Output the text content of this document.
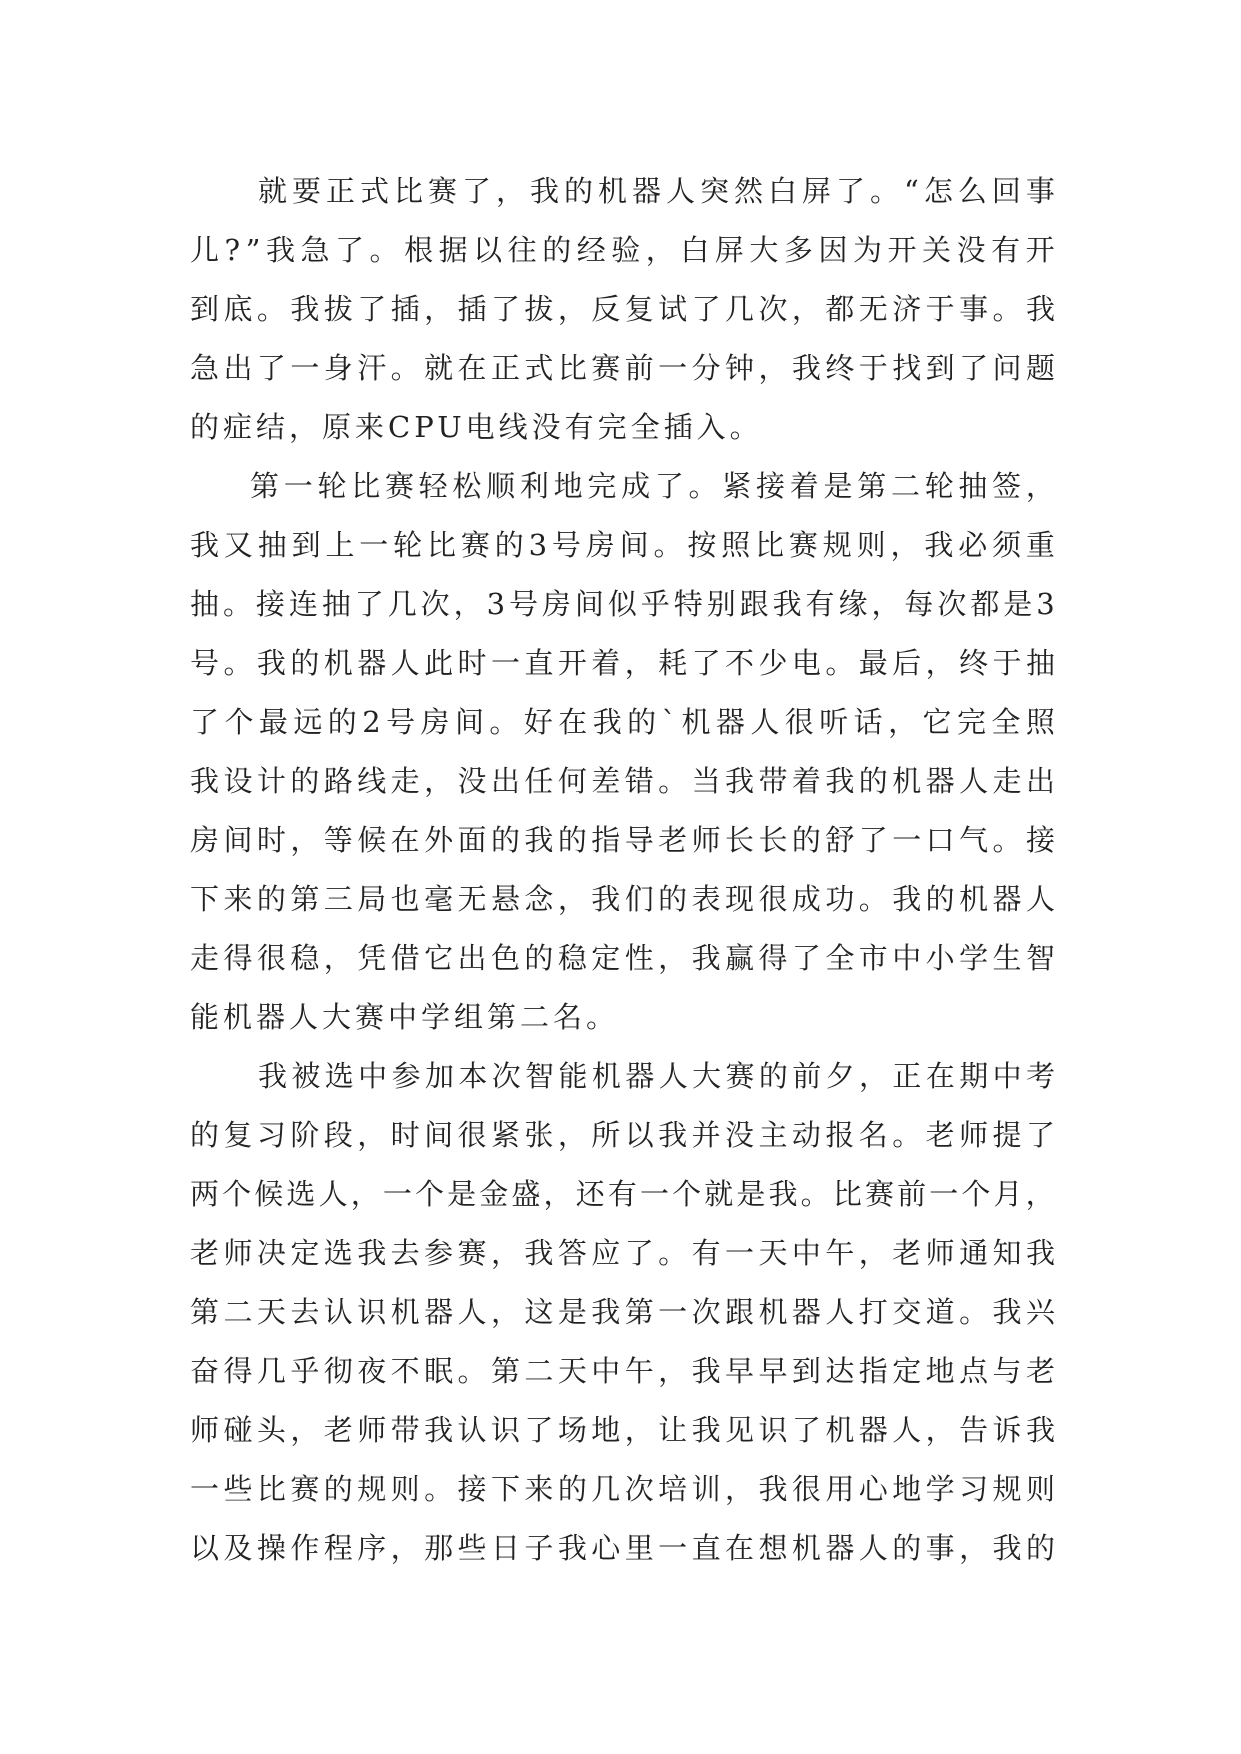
就 要 正 式 比 赛 了 ， 我 的 机 器 人 突 然 白 屏 了 。 “ 怎 么 回 事
儿 ? ” 我 急 了 。 根 据 以 往 的 经 验 ， 白 屏 大 多 因 为 开 关 没 有 开
到 底 。 我 拔 了 插 ， 插 了 拔 ， 反 复 试 了 几 次 ， 都 无 济 于 事 。 我
急 出 了 一 身 汗 。 就 在 正 式 比 赛 前 一 分 钟 ， 我 终 于 找 到 了 问 题
的症结，原来CPU电线没有完全插入。
第 一 轮 比 赛 轻 松 顺 利 地 完 成 了 。 紧 接 着 是 第 二 轮 抽 签 ，
我 又 抽 到 上 一 轮 比 赛 的 3 号 房 间 。 按 照 比 赛 规 则 ， 我 必 须 重
抽 。 接 连 抽 了 几 次 ， 3 号 房 间 似 乎 特 别 跟 我 有 缘 ， 每 次 都 是 3
号 。 我 的 机 器 人 此 时 一 直 开 着 ， 耗 了 不 少 电 。 最 后 ， 终 于 抽
了 个 最 远 的 2 号 房 间 。 好 在 我 的 ` 机 器 人 很 听 话 ， 它 完 全 照
我 设 计 的 路 线 走 ， 没 出 任 何 差 错 。 当 我 带 着 我 的 机 器 人 走 出
房 间 时 ， 等 候 在 外 面 的 我 的 指 导 老 师 长 长 的 舒 了 一 口 气 。 接
下 来 的 第 三 局 也 毫 无 悬 念 ， 我 们 的 表 现 很 成 功 。 我 的 机 器 人
走 得 很 稳 ， 凭 借 它 出 色 的 稳 定 性 ， 我 赢 得 了 全 市 中 小 学 生 智
能机器人大赛中学组第二名。
我 被 选 中 参 加 本 次 智 能 机 器 人 大 赛 的 前 夕 ， 正 在 期 中 考
的 复 习 阶 段 ， 时 间 很 紧 张 ， 所 以 我 并 没 主 动 报 名 。 老 师 提 了
两 个 候 选 人 ， 一 个 是 金 盛 ， 还 有 一 个 就 是 我 。 比 赛 前 一 个 月 ，
老 师 决 定 选 我 去 参 赛 ， 我 答 应 了 。 有 一 天 中 午 ， 老 师 通 知 我
第 二 天 去 认 识 机 器 人 ， 这 是 我 第 一 次 跟 机 器 人 打 交 道 。 我 兴
奋 得 几 乎 彻 夜 不 眠 。 第 二 天 中 午 ， 我 早 早 到 达 指 定 地 点 与 老
师 碰 头 ， 老 师 带 我 认 识 了 场 地 ， 让 我 见 识 了 机 器 人 ， 告 诉 我
一 些 比 赛 的 规 则 。 接 下 来 的 几 次 培 训 ， 我 很 用 心 地 学 习 规 则
以 及 操 作 程 序 ， 那 些 日 子 我 心 里 一 直 在 想 机 器 人 的 事 ， 我 的
